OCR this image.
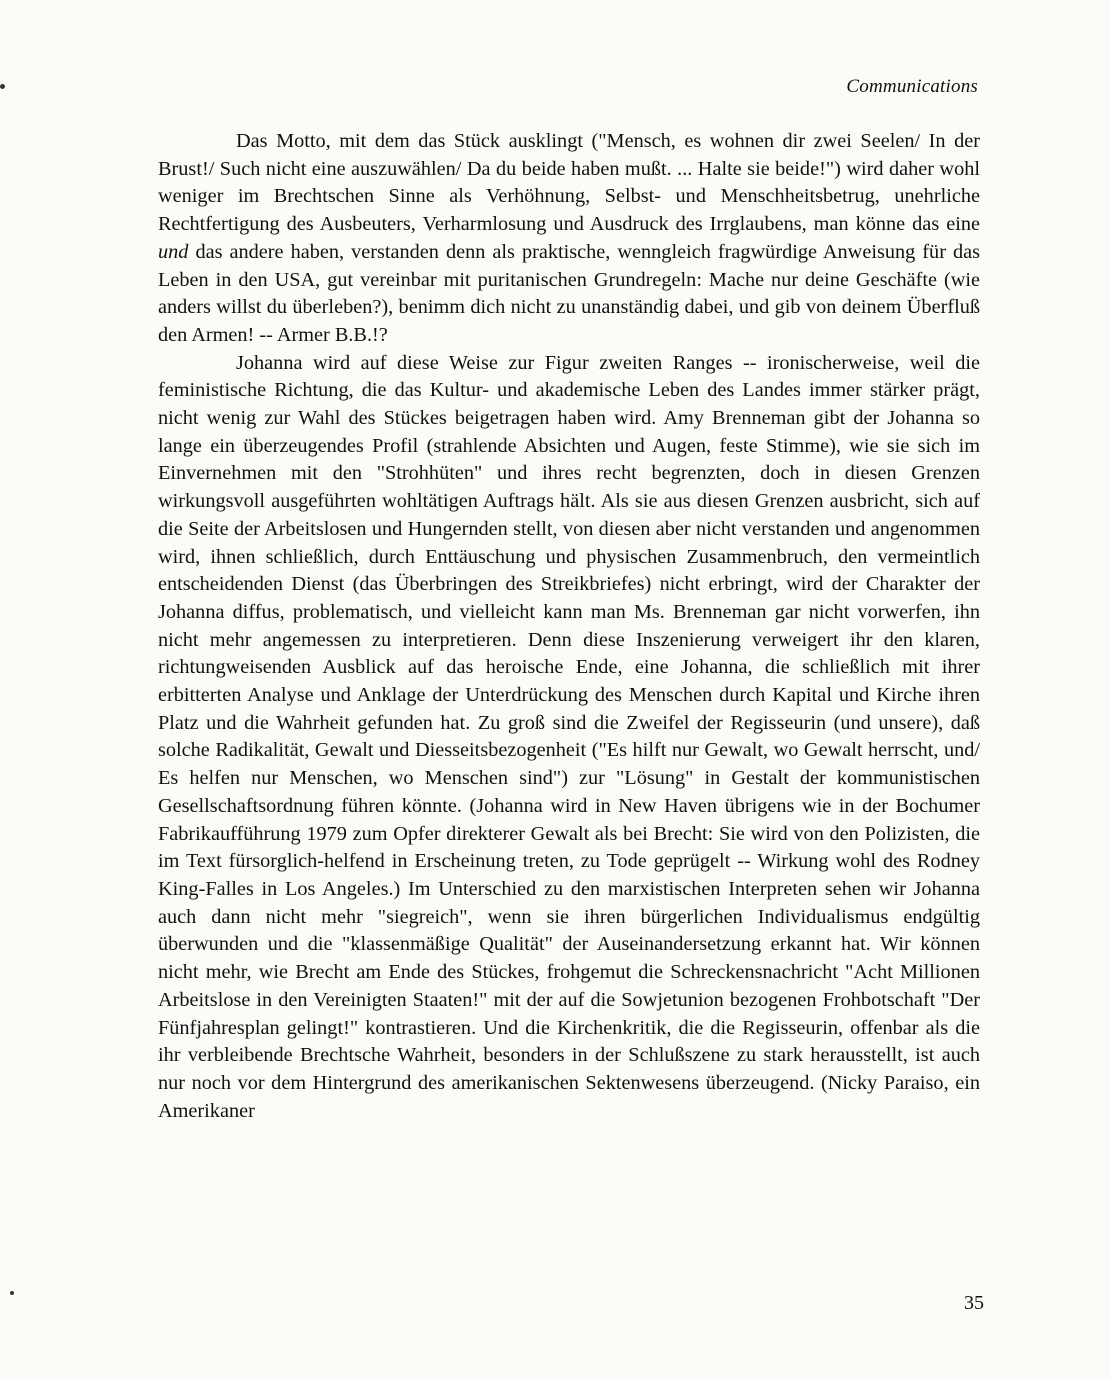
Communications

Das Motto, mit dem das Stück ausklingt ("Mensch, es wohnen dir zwei Seelen/ In der Brust!/ Such nicht eine auszuwählen/ Da du beide haben mußt. ... Halte sie beide!") wird daher wohl weniger im Brechtschen Sinne als Verhöhnung, Selbst- und Menschheitsbetrug, unehrliche Rechtfertigung des Ausbeuters, Verharmlosung und Ausdruck des Irrglaubens, man könne das eine und das andere haben, verstanden denn als praktische, wenngleich fragwürdige Anweisung für das Leben in den USA, gut vereinbar mit puritanischen Grundregeln: Mache nur deine Geschäfte (wie anders willst du überleben?), benimm dich nicht zu unanständig dabei, und gib von deinem Überfluß den Armen! -- Armer B.B.!?

Johanna wird auf diese Weise zur Figur zweiten Ranges -- ironischerweise, weil die feministische Richtung, die das Kultur- und akademische Leben des Landes immer stärker prägt, nicht wenig zur Wahl des Stückes beigetragen haben wird. Amy Brenneman gibt der Johanna so lange ein überzeugendes Profil (strahlende Absichten und Augen, feste Stimme), wie sie sich im Einvernehmen mit den "Strohhüten" und ihres recht begrenzten, doch in diesen Grenzen wirkungsvoll ausgeführten wohltätigen Auftrags hält. Als sie aus diesen Grenzen ausbricht, sich auf die Seite der Arbeitslosen und Hungernden stellt, von diesen aber nicht verstanden und angenommen wird, ihnen schließlich, durch Enttäuschung und physischen Zusammenbruch, den vermeintlich entscheidenden Dienst (das Überbringen des Streikbriefes) nicht erbringt, wird der Charakter der Johanna diffus, problematisch, und vielleicht kann man Ms. Brenneman gar nicht vorwerfen, ihn nicht mehr angemessen zu interpretieren. Denn diese Inszenierung verweigert ihr den klaren, richtungweisenden Ausblick auf das heroische Ende, eine Johanna, die schließlich mit ihrer erbitterten Analyse und Anklage der Unterdrückung des Menschen durch Kapital und Kirche ihren Platz und die Wahrheit gefunden hat. Zu groß sind die Zweifel der Regisseurin (und unsere), daß solche Radikalität, Gewalt und Diesseitsbezogenheit ("Es hilft nur Gewalt, wo Gewalt herrscht, und/ Es helfen nur Menschen, wo Menschen sind") zur "Lösung" in Gestalt der kommunistischen Gesellschaftsordnung führen könnte. (Johanna wird in New Haven übrigens wie in der Bochumer Fabrikaufführung 1979 zum Opfer direkterer Gewalt als bei Brecht: Sie wird von den Polizisten, die im Text fürsorglich-helfend in Erscheinung treten, zu Tode geprügelt -- Wirkung wohl des Rodney King-Falles in Los Angeles.) Im Unterschied zu den marxistischen Interpreten sehen wir Johanna auch dann nicht mehr "siegreich", wenn sie ihren bürgerlichen Individualismus endgültig überwunden und die "klassenmäßige Qualität" der Auseinandersetzung erkannt hat. Wir können nicht mehr, wie Brecht am Ende des Stückes, frohgemut die Schreckensnachricht "Acht Millionen Arbeitslose in den Vereinigten Staaten!" mit der auf die Sowjetunion bezogenen Frohbotschaft "Der Fünfjahresplan gelingt!" kontrastieren. Und die Kirchenkritik, die die Regisseurin, offenbar als die ihr verbleibende Brechtsche Wahrheit, besonders in der Schlußszene zu stark herausstellt, ist auch nur noch vor dem Hintergrund des amerikanischen Sektenwesens überzeugend. (Nicky Paraiso, ein Amerikaner

35
